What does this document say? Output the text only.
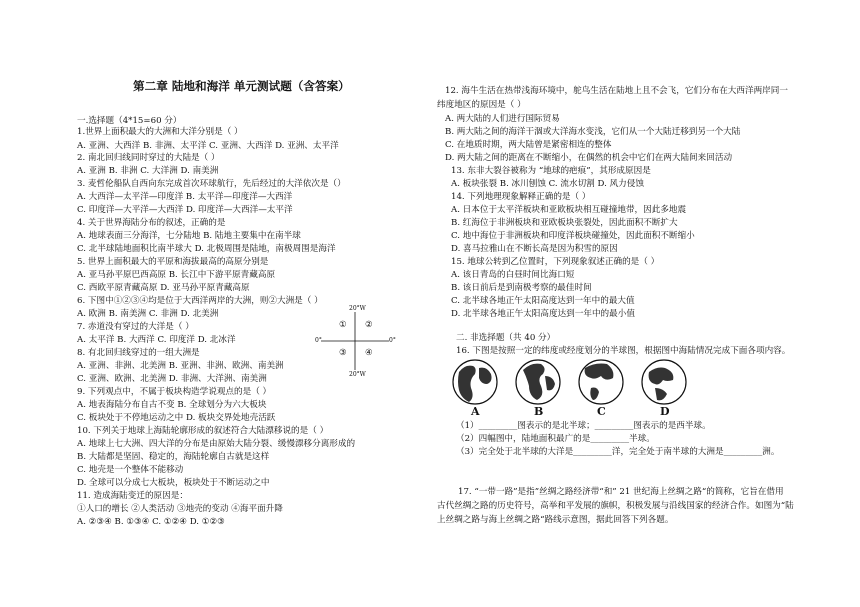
第二章 陆地和海洋 单元测试题（含答案）
一.选择题（4*15=60 分）
1.世界上面积最大的大洲和大洋分别是（ ）
A. 亚洲、大西洋 B. 非洲、太平洋 C. 亚洲、大西洋 D. 亚洲、太平洋
2. 南北回归线同时穿过的大陆是（ ）
A. 亚洲 B. 非洲 C. 大洋洲 D. 南美洲
3. 麦哲伦船队自西向东完成首次环球航行，先后经过的大洋依次是（）
A. 大西洋—太平洋—印度洋 B. 太平洋—印度洋—大西洋
C. 印度洋—大平洋—大西洋 D. 印度洋—大西洋—太平洋
4. 关于世界海陆分布的叙述，正确的是
A. 地球表面三分海洋，七分陆地 B. 陆地主要集中在南半球
C. 北半球陆地面积比南半球大 D. 北极周围是陆地，南极周围是海洋
5. 世界上面积最大的平原和海拔最高的高原分别是
A. 亚马孙平原巴西高原 B. 长江中下游平原青藏高原
C. 西欧平原青藏高原 D. 亚马孙平原青藏高原
6. 下图中①②③④均是位于大西洋两岸的大洲，则②大洲是（ ）
A. 欧洲 B. 南美洲 C. 非洲 D. 北美洲
7. 赤道没有穿过的大洋是（ ）
A. 太平洋 B. 大西洋 C. 印度洋 D. 北冰洋
8. 有北回归线穿过的一组大洲是
A. 亚洲、非洲、北美洲 B. 亚洲、非洲、欧洲、南美洲
C. 亚洲、欧洲、北美洲 D. 非洲、大洋洲、南美洲
9. 下列观点中，不属于板块构造学说观点的是（ ）
A. 地表海陆分布自古不变 B. 全球划分为六大板块
C. 板块处于不停地运动之中 D. 板块交界处地壳活跃
10. 下列关于地球上海陆轮廓形成的叙述符合大陆漂移说的是（ ）
A. 地球上七大洲、四大洋的分布是由原始大陆分裂、缓慢漂移分离形成的
B. 大陆都是坚固、稳定的，海陆轮廓自古就是这样
C. 地壳是一个整体不能移动
D. 全球可以分成七大板块，板块处于不断运动之中
11. 造成海陆变迁的原因是：
①人口的增长 ②人类活动 ③地壳的变动 ④海平面升降
A. ②③④ B. ①③④ C. ①②④ D. ①②③
20°W
20°W
0°	0°
① ②
③ ④
12. 海牛生活在热带浅海环境中，鸵鸟生活在陆地上且不会飞，它们分布在大西洋两岸同一
纬度地区的原因是（ ）
A. 两大陆的人们进行国际贸易
B. 两大陆之间的海洋干涸或大洋海水变浅，它们从一个大陆迁移到另一个大陆
C. 在地质时期，两大陆曾是紧密相连的整体
D. 两大陆之间的距离在不断缩小，在偶然的机会中它们在两大陆间来回活动
13. 东非大裂谷被称为 “地球的疤痕”，其形成原因是
A. 板块张裂 B. 冰川刨蚀 C. 流水切割 D. 风力侵蚀
14. 下列地理现象解释正确的是（ ）
A. 日本位于太平洋板块和亚欧板块相互碰撞地带，因此多地震
B. 红海位于非洲板块和亚欧板块张裂处，因此面积不断扩大
C. 地中海位于非洲板块和印度洋板块碰撞处，因此面积不断缩小
D. 喜马拉雅山在不断长高是因为积雪的原因
15. 地球公转到乙位置时，下列现象叙述正确的是（ ）
A. 该日青岛的白昼时间比海口短
B. 该日前后是到南极考察的最佳时间
C. 北半球各地正午太阳高度达到一年中的最大值
D. 北半球各地正午太阳高度达到一年中的最小值
二. 非选择题（共 40 分）
16. 下图是按照一定的纬度或经度划分的半球图，根据图中海陆情况完成下面各项内容。
A	B	C	D
（1）_________图表示的是北半球；_________图表示的是西半球。
（2）四幅图中，陆地面积最广的是_________半球。
（3）完全处于北半球的大洋是_________洋，完全处于南半球的大洲是_________洲。
17. “一带一路”是指”丝绸之路经济带“和” 21 世纪海上丝绸之路“的简称，它旨在借用
古代丝绸之路的历史符号，高举和平发展的旗帜，积极发展与沿线国家的经济合作。如图为“陆
上丝绸之路与海上丝绸之路“路线示意图，据此回答下列各题。
